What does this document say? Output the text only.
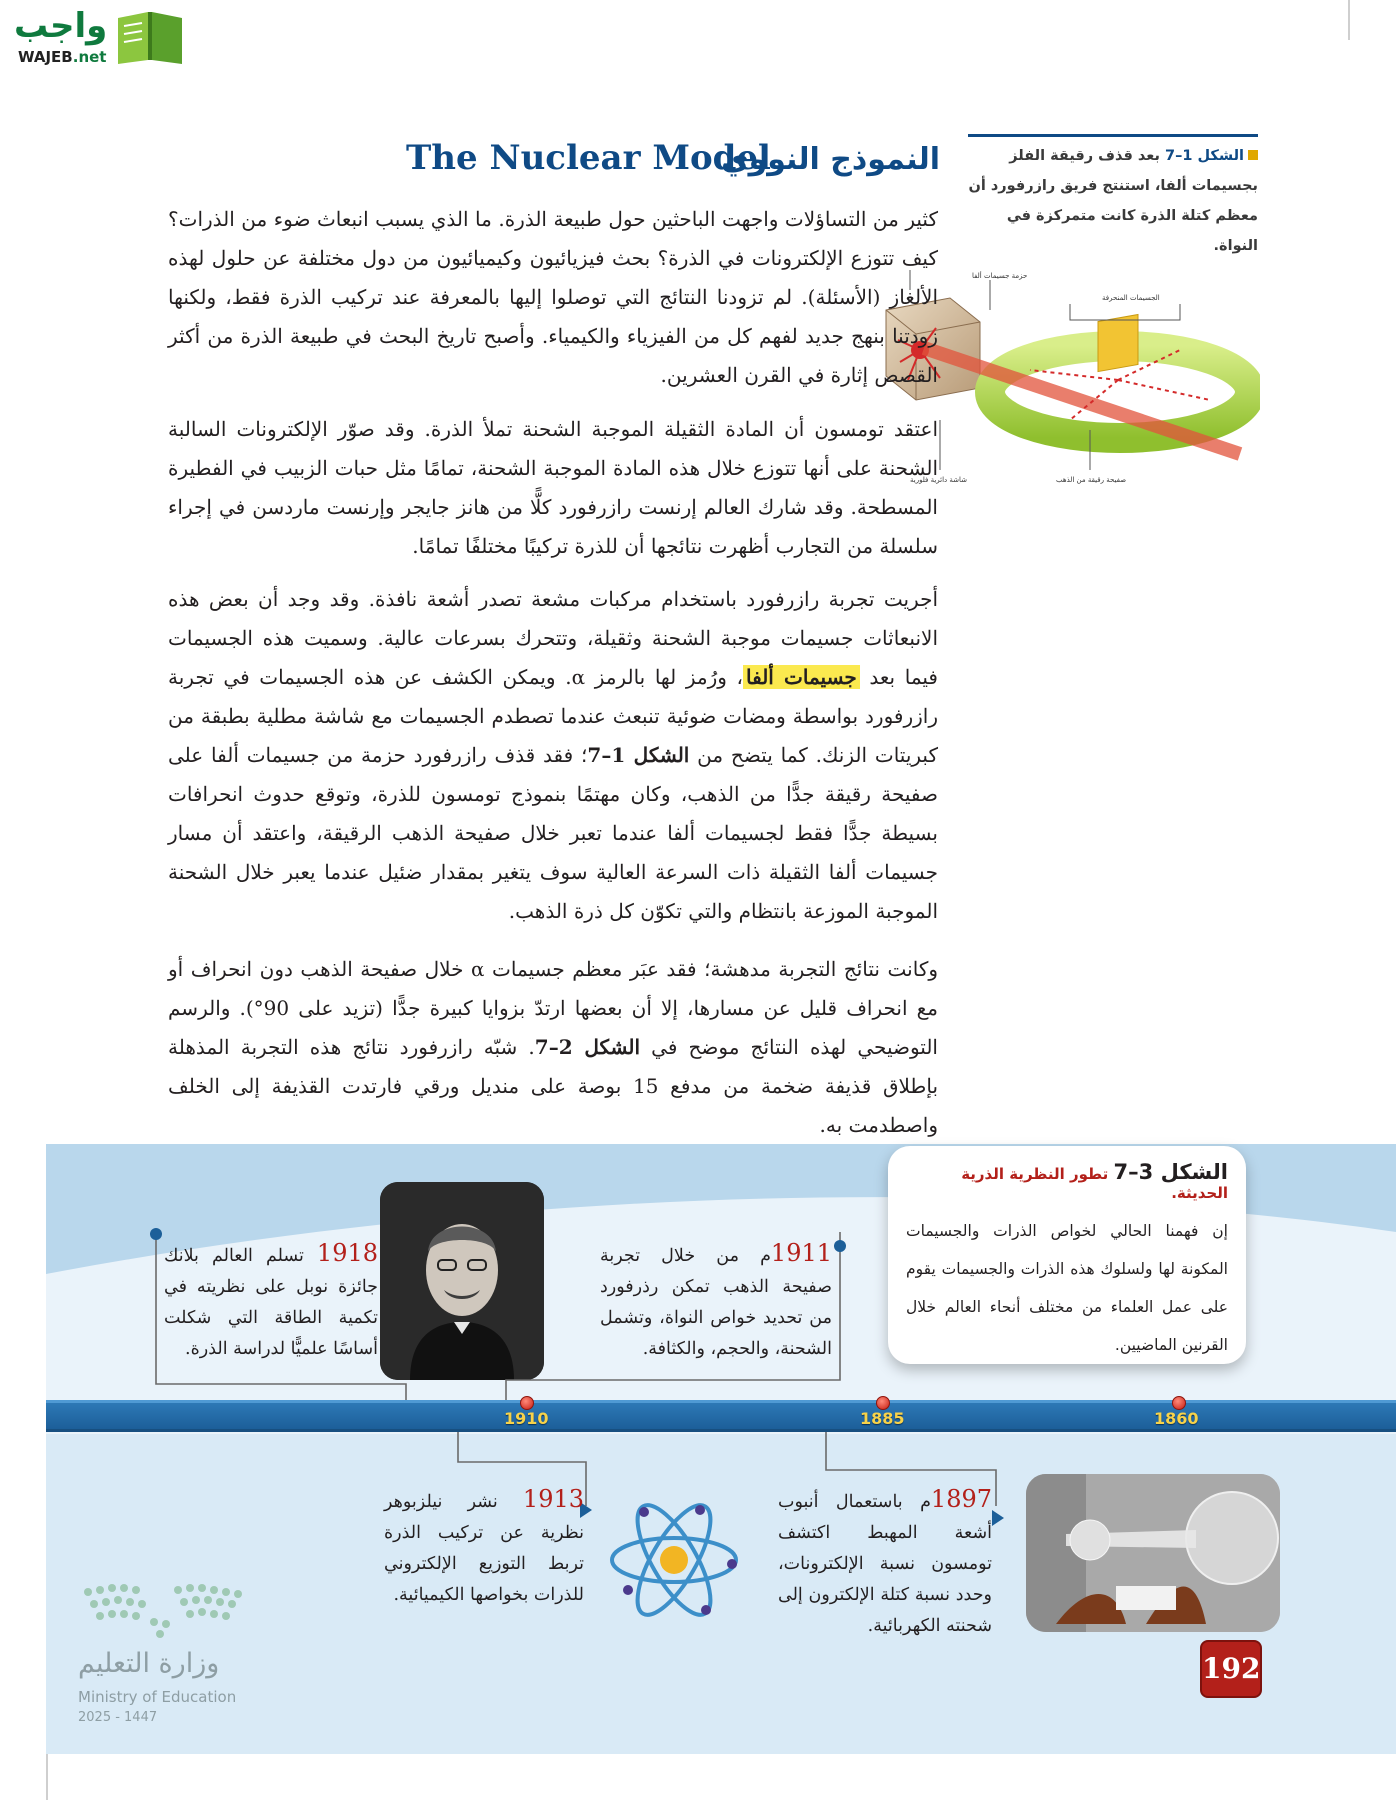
واجب
WAJEB.net
الشكل 1–7 بعد قذف رقيقة الفلز بجسيمات ألفا، استنتج فريق رازرفورد أن معظم كتلة الذرة كانت متمركزة في النواة.
حزمة جسيمات ألفا
الجسيمات المنحرفة
شاشة دائرية فلورية	صفيحة رقيقة من الذهب
النموذج النووي
The Nuclear Model

كثير من التساؤلات واجهت الباحثين حول طبيعة الذرة. ما الذي يسبب انبعاث ضوء من الذرات؟ كيف تتوزع الإلكترونات في الذرة؟ بحث فيزيائيون وكيميائيون من دول مختلفة عن حلول لهذه الألغاز (الأسئلة). لم تزودنا النتائج التي توصلوا إليها بالمعرفة عند تركيب الذرة فقط، ولكنها زودتنا بنهج جديد لفهم كل من الفيزياء والكيمياء. وأصبح تاريخ البحث في طبيعة الذرة من أكثر القصص إثارة في القرن العشرين.

اعتقد تومسون أن المادة الثقيلة الموجبة الشحنة تملأ الذرة. وقد صوّر الإلكترونات السالبة الشحنة على أنها تتوزع خلال هذه المادة الموجبة الشحنة، تمامًا مثل حبات الزبيب في الفطيرة المسطحة. وقد شارك العالم إرنست رازرفورد كلًّا من هانز جايجر وإرنست ماردسن في إجراء سلسلة من التجارب أظهرت نتائجها أن للذرة تركيبًا مختلفًا تمامًا.

أجريت تجربة رازرفورد باستخدام مركبات مشعة تصدر أشعة نافذة. وقد وجد أن بعض هذه الانبعاثات جسيمات موجبة الشحنة وثقيلة، وتتحرك بسرعات عالية. وسميت هذه الجسيمات فيما بعد جسيمات ألفا، ورُمز لها بالرمز α. ويمكن الكشف عن هذه الجسيمات في تجربة رازرفورد بواسطة ومضات ضوئية تنبعث عندما تصطدم الجسيمات مع شاشة مطلية بطبقة من كبريتات الزنك. كما يتضح من الشكل 1–7؛ فقد قذف رازرفورد حزمة من جسيمات ألفا على صفيحة رقيقة جدًّا من الذهب، وكان مهتمًا بنموذج تومسون للذرة، وتوقع حدوث انحرافات بسيطة جدًّا فقط لجسيمات ألفا عندما تعبر خلال صفيحة الذهب الرقيقة، واعتقد أن مسار جسيمات ألفا الثقيلة ذات السرعة العالية سوف يتغير بمقدار ضئيل عندما يعبر خلال الشحنة الموجبة الموزعة بانتظام والتي تكوّن كل ذرة الذهب.

وكانت نتائج التجربة مدهشة؛ فقد عبَر معظم جسيمات α خلال صفيحة الذهب دون انحراف أو مع انحراف قليل عن مسارها، إلا أن بعضها ارتدّ بزوايا كبيرة جدًّا (تزيد على 90°). والرسم التوضيحي لهذه النتائج موضح في الشكل 2–7. شبّه رازرفورد نتائج هذه التجربة المذهلة بإطلاق قذيفة ضخمة من مدفع 15 بوصة على منديل ورقي فارتدت القذيفة إلى الخلف واصطدمت به.

الشكل 3–7 تطور النظرية الذرية الحديثة.
إن فهمنا الحالي لخواص الذرات والجسيمات المكونة لها ولسلوك هذه الذرات والجسيمات يقوم على عمل العلماء من مختلف أنحاء العالم خلال القرنين الماضيين.
1910	1885	1860
1918 تسلم العالم بلانك جائزة نوبل على نظريته في تكمية الطاقة التي شكلت أساسًا علميًّا لدراسة الذرة.
1911م من خلال تجربة صفيحة الذهب تمكن رذرفورد من تحديد خواص النواة، وتشمل الشحنة، والحجم، والكثافة.
1913 نشر نيلزبوهر نظرية عن تركيب الذرة تربط التوزيع الإلكتروني للذرات بخواصها الكيميائية.
1897م باستعمال أنبوب أشعة المهبط اكتشف تومسون نسبة الإلكترونات، وحدد نسبة كتلة الإلكترون إلى شحنته الكهربائية.
192
وزارة التعليم
Ministry of Education
2025 - 1447
